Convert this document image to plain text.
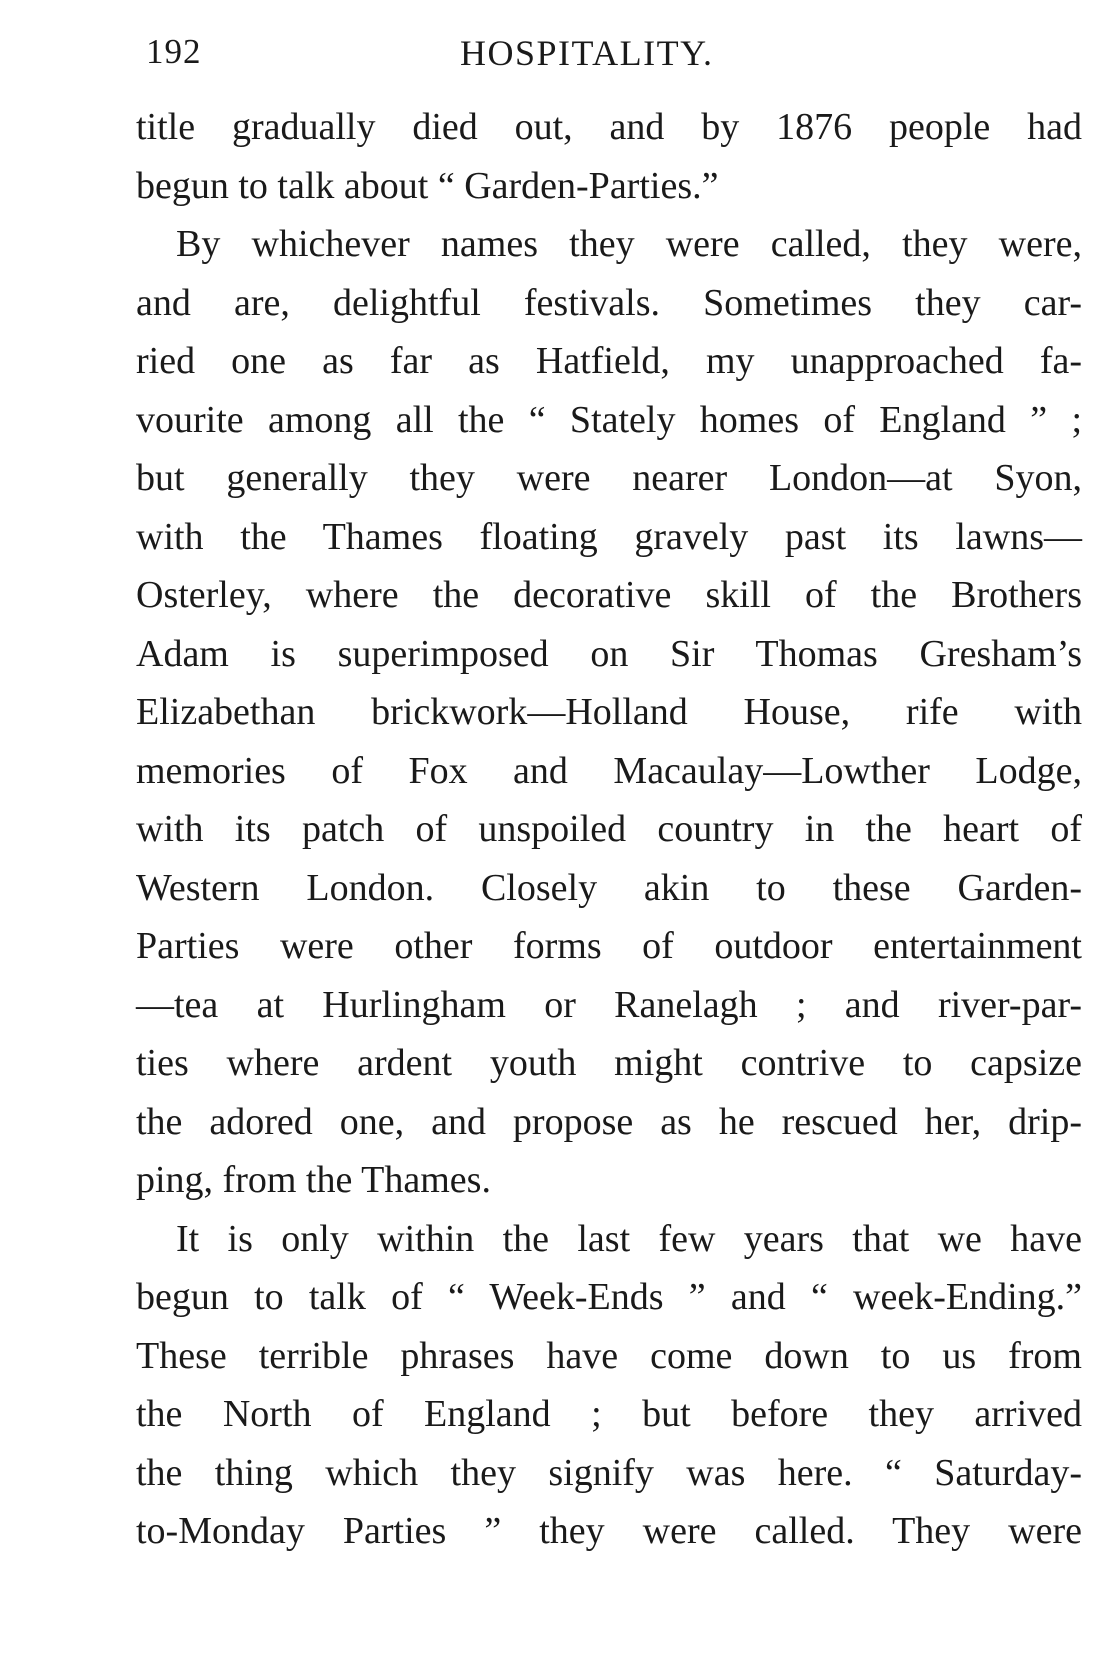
192	HOSPITALITY.
title gradually died out, and by 1876 people had
begun to talk about “ Garden-Parties.”
By whichever names they were called, they were,
and are, delightful festivals. Sometimes they car-
ried one as far as Hatfield, my unapproached fa-
vourite among all the “ Stately homes of England ” ;
but generally they were nearer London—at Syon,
with the Thames floating gravely past its lawns—
Osterley, where the decorative skill of the Brothers
Adam is superimposed on Sir Thomas Gresham’s
Elizabethan brickwork—Holland House, rife with
memories of Fox and Macaulay—Lowther Lodge,
with its patch of unspoiled country in the heart of
Western London. Closely akin to these Garden-
Parties were other forms of outdoor entertainment
—tea at Hurlingham or Ranelagh ; and river-par-
ties where ardent youth might contrive to capsize
the adored one, and propose as he rescued her, drip-
ping, from the Thames.
It is only within the last few years that we have
begun to talk of “ Week-Ends ” and “ week-Ending.”
These terrible phrases have come down to us from
the North of England ; but before they arrived
the thing which they signify was here. “ Saturday-
to-Monday Parties ” they were called. They were
